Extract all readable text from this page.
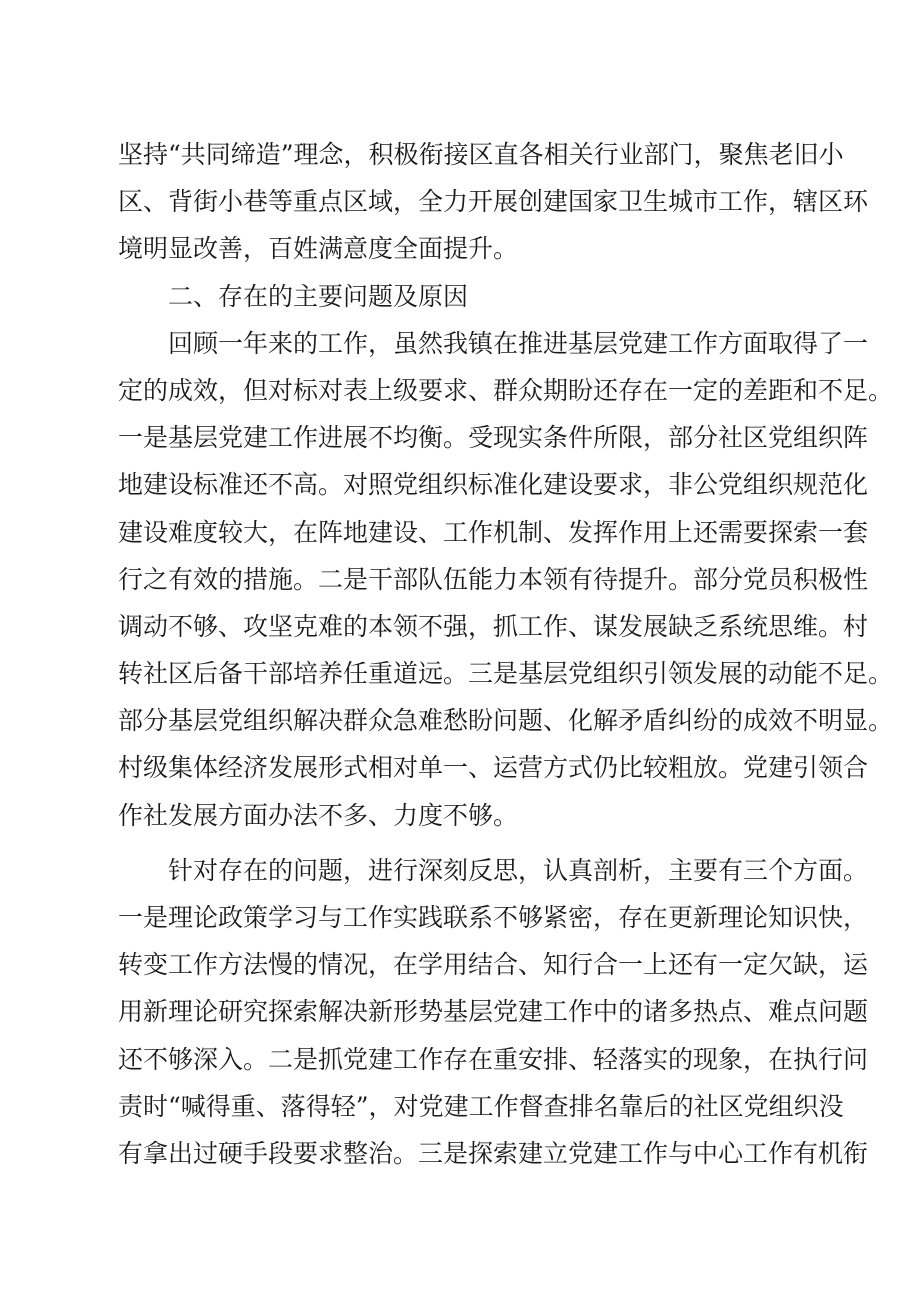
坚持“共同缔造”理念，积极衔接区直各相关行业部门，聚焦老旧小
区、背街小巷等重点区域，全力开展创建国家卫生城市工作，辖区环
境明显改善，百姓满意度全面提升。
二、存在的主要问题及原因
回顾一年来的工作，虽然我镇在推进基层党建工作方面取得了一
定的成效，但对标对表上级要求、群众期盼还存在一定的差距和不足。
一是基层党建工作进展不均衡。受现实条件所限，部分社区党组织阵
地建设标准还不高。对照党组织标准化建设要求，非公党组织规范化
建设难度较大，在阵地建设、工作机制、发挥作用上还需要探索一套
行之有效的措施。二是干部队伍能力本领有待提升。部分党员积极性
调动不够、攻坚克难的本领不强，抓工作、谋发展缺乏系统思维。村
转社区后备干部培养任重道远。三是基层党组织引领发展的动能不足。
部分基层党组织解决群众急难愁盼问题、化解矛盾纠纷的成效不明显。
村级集体经济发展形式相对单一、运营方式仍比较粗放。党建引领合
作社发展方面办法不多、力度不够。
针对存在的问题，进行深刻反思，认真剖析，主要有三个方面。
一是理论政策学习与工作实践联系不够紧密，存在更新理论知识快，
转变工作方法慢的情况，在学用结合、知行合一上还有一定欠缺，运
用新理论研究探索解决新形势基层党建工作中的诸多热点、难点问题
还不够深入。二是抓党建工作存在重安排、轻落实的现象，在执行问
责时“喊得重、落得轻”，对党建工作督查排名靠后的社区党组织没
有拿出过硬手段要求整治。三是探索建立党建工作与中心工作有机衔
